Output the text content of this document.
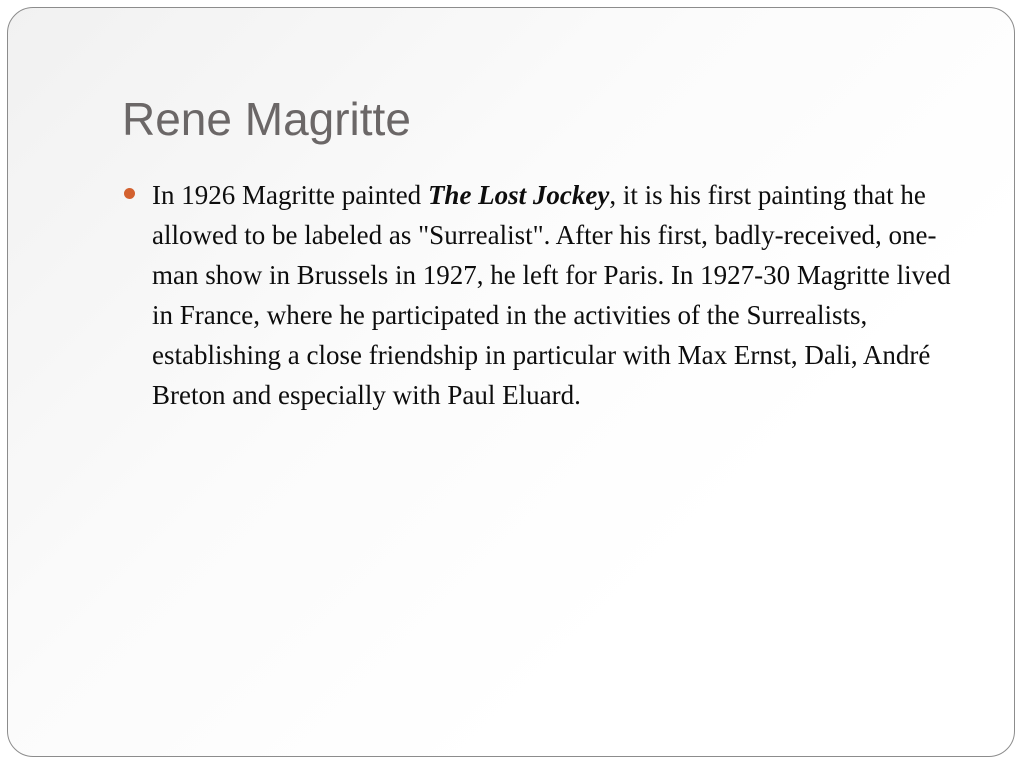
Rene Magritte
In 1926 Magritte painted The Lost Jockey, it is his first painting that he allowed to be labeled as "Surrealist". After his first, badly-received, one-man show in Brussels in 1927, he left for Paris. In 1927-30 Magritte lived in France, where he participated in the activities of the Surrealists, establishing a close friendship in particular with Max Ernst, Dali, André Breton and especially with Paul Eluard.
